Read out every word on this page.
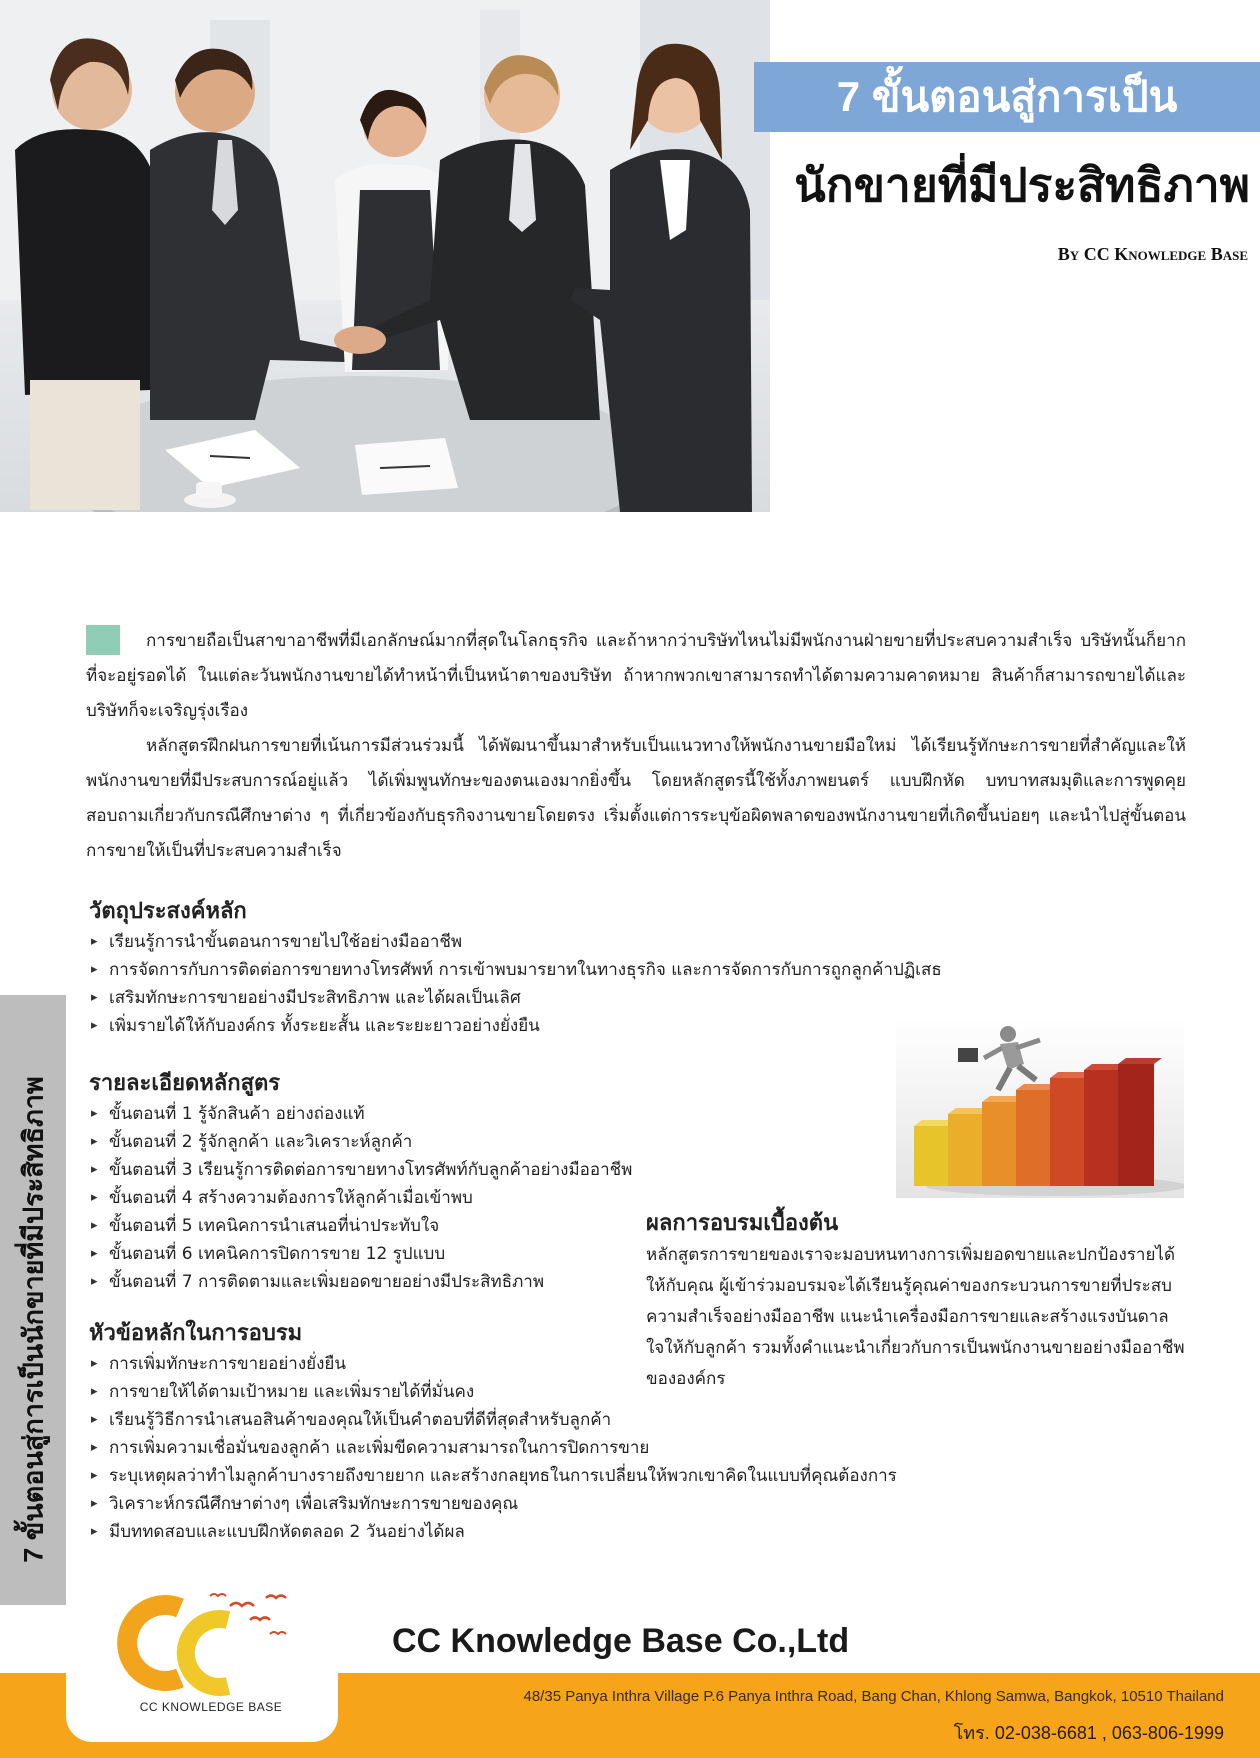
7 ขั้นตอนสู่การเป็น
นักขายที่มีประสิทธิภาพ
By CC Knowledge Base

การขายถือเป็นสาขาอาชีพที่มีเอกลักษณ์มากที่สุดในโลกธุรกิจ และถ้าหากว่าบริษัทไหนไม่มีพนักงานฝ่ายขายที่ประสบความสำเร็จ บริษัทนั้นก็ยากที่จะอยู่รอดได้ ในแต่ละวันพนักงานขายได้ทำหน้าที่เป็นหน้าตาของบริษัท ถ้าหากพวกเขาสามารถทำได้ตามความคาดหมาย สินค้าก็สามารถขายได้และบริษัทก็จะเจริญรุ่งเรือง

หลักสูตรฝึกฝนการขายที่เน้นการมีส่วนร่วมนี้ ได้พัฒนาขึ้นมาสำหรับเป็นแนวทางให้พนักงานขายมือใหม่ ได้เรียนรู้ทักษะการขายที่สำคัญและให้พนักงานขายที่มีประสบการณ์อยู่แล้ว ได้เพิ่มพูนทักษะของตนเองมากยิ่งขึ้น โดยหลักสูตรนี้ใช้ทั้งภาพยนตร์ แบบฝึกหัด บทบาทสมมุติและการพูดคุยสอบถามเกี่ยวกับกรณีศึกษาต่าง ๆ ที่เกี่ยวข้องกับธุรกิจงานขายโดยตรง เริ่มตั้งแต่การระบุข้อผิดพลาดของพนักงานขายที่เกิดขึ้นบ่อยๆ และนำไปสู่ขั้นตอนการขายให้เป็นที่ประสบความสำเร็จ

วัตถุประสงค์หลัก
▸ เรียนรู้การนำขั้นตอนการขายไปใช้อย่างมืออาชีพ
▸ การจัดการกับการติดต่อการขายทางโทรศัพท์ การเข้าพบมารยาทในทางธุรกิจ และการจัดการกับการถูกลูกค้าปฏิเสธ
▸ เสริมทักษะการขายอย่างมีประสิทธิภาพ และได้ผลเป็นเลิศ
▸ เพิ่มรายได้ให้กับองค์กร ทั้งระยะสั้น และระยะยาวอย่างยั่งยืน
รายละเอียดหลักสูตร
▸ ขั้นตอนที่ 1 รู้จักสินค้า อย่างถ่องแท้
▸ ขั้นตอนที่ 2 รู้จักลูกค้า และวิเคราะห์ลูกค้า
▸ ขั้นตอนที่ 3 เรียนรู้การติดต่อการขายทางโทรศัพท์กับลูกค้าอย่างมืออาชีพ
▸ ขั้นตอนที่ 4 สร้างความต้องการให้ลูกค้าเมื่อเข้าพบ
▸ ขั้นตอนที่ 5 เทคนิคการนำเสนอที่น่าประทับใจ
▸ ขั้นตอนที่ 6 เทคนิคการปิดการขาย 12 รูปแบบ
▸ ขั้นตอนที่ 7 การติดตามและเพิ่มยอดขายอย่างมีประสิทธิภาพ
หัวข้อหลักในการอบรม
▸ การเพิ่มทักษะการขายอย่างยั่งยืน
▸ การขายให้ได้ตามเป้าหมาย และเพิ่มรายได้ที่มั่นคง
▸ เรียนรู้วิธีการนำเสนอสินค้าของคุณให้เป็นคำตอบที่ดีที่สุดสำหรับลูกค้า
▸ การเพิ่มความเชื่อมั่นของลูกค้า และเพิ่มขีดความสามารถในการปิดการขาย
▸ ระบุเหตุผลว่าทำไมลูกค้าบางรายถึงขายยาก และสร้างกลยุทธในการเปลี่ยนให้พวกเขาคิดในแบบที่คุณต้องการ
▸ วิเคราะห์กรณีศึกษาต่างๆ เพื่อเสริมทักษะการขายของคุณ
▸ มีบททดสอบและแบบฝึกหัดตลอด 2 วันอย่างได้ผล
7 ขั้นตอนสู่การเป็นนักขายที่มีประสิทธิภาพ	ผลการอบรมเบื้องต้น

หลักสูตรการขายของเราจะมอบหนทางการเพิ่มยอดขายและปกป้องรายได้ให้กับคุณ ผู้เข้าร่วมอบรมจะได้เรียนรู้คุณค่าของกระบวนการขายที่ประสบความสำเร็จอย่างมืออาชีพ แนะนำเครื่องมือการขายและสร้างแรงบันดาลใจให้กับลูกค้า รวมทั้งคำแนะนำเกี่ยวกับการเป็นพนักงานขายอย่างมืออาชีพขององค์กร

CC KNOWLEDGE BASE
CC Knowledge Base Co.,Ltd
48/35 Panya Inthra Village P.6 Panya Inthra Road, Bang Chan, Khlong Samwa, Bangkok, 10510 Thailand
โทร. 02-038-6681 , 063-806-1999
